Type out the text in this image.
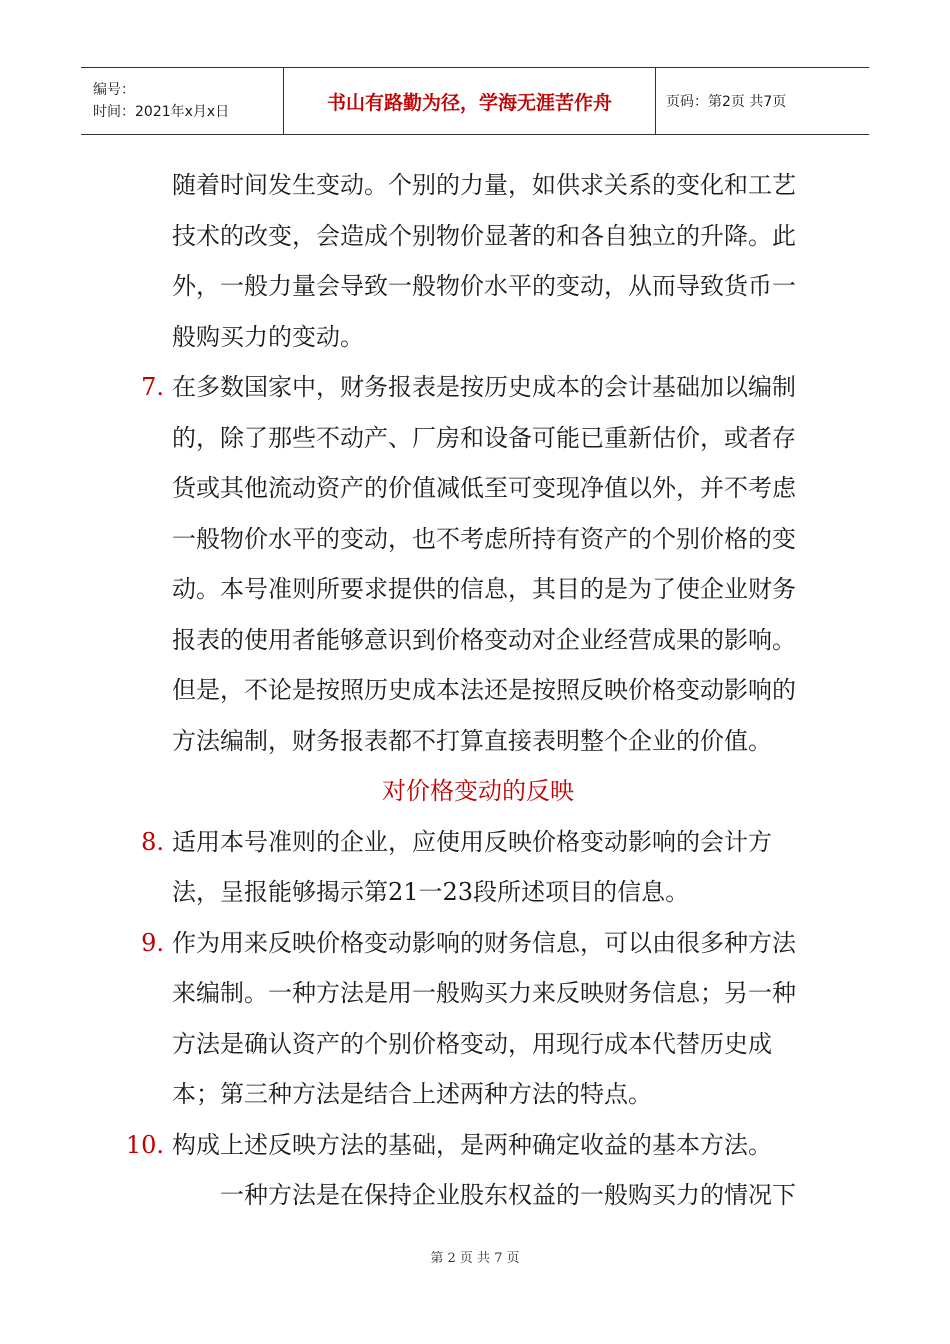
编号：
时间：2021年x月x日	书山有路勤为径，学海无涯苦作舟	页码：第2页 共7页
随着时间发生变动。个别的力量，如供求关系的变化和工艺
技术的改变，会造成个别物价显著的和各自独立的升降。此
外，一般力量会导致一般物价水平的变动，从而导致货币一
般购买力的变动。
7. 在多数国家中，财务报表是按历史成本的会计基础加以编制
的，除了那些不动产、厂房和设备可能已重新估价，或者存
货或其他流动资产的价值减低至可变现净值以外，并不考虑
一般物价水平的变动，也不考虑所持有资产的个别价格的变
动。本号准则所要求提供的信息，其目的是为了使企业财务
报表的使用者能够意识到价格变动对企业经营成果的影响。
但是，不论是按照历史成本法还是按照反映价格变动影响的
方法编制，财务报表都不打算直接表明整个企业的价值。
对价格变动的反映
8. 适用本号准则的企业，应使用反映价格变动影响的会计方
法，呈报能够揭示第21一23段所述项目的信息。
9. 作为用来反映价格变动影响的财务信息，可以由很多种方法
来编制。一种方法是用一般购买力来反映财务信息；另一种
方法是确认资产的个别价格变动，用现行成本代替历史成
本；第三种方法是结合上述两种方法的特点。
10. 构成上述反映方法的基础，是两种确定收益的基本方法。
一种方法是在保持企业股东权益的一般购买力的情况下
第 2 页 共 7 页
